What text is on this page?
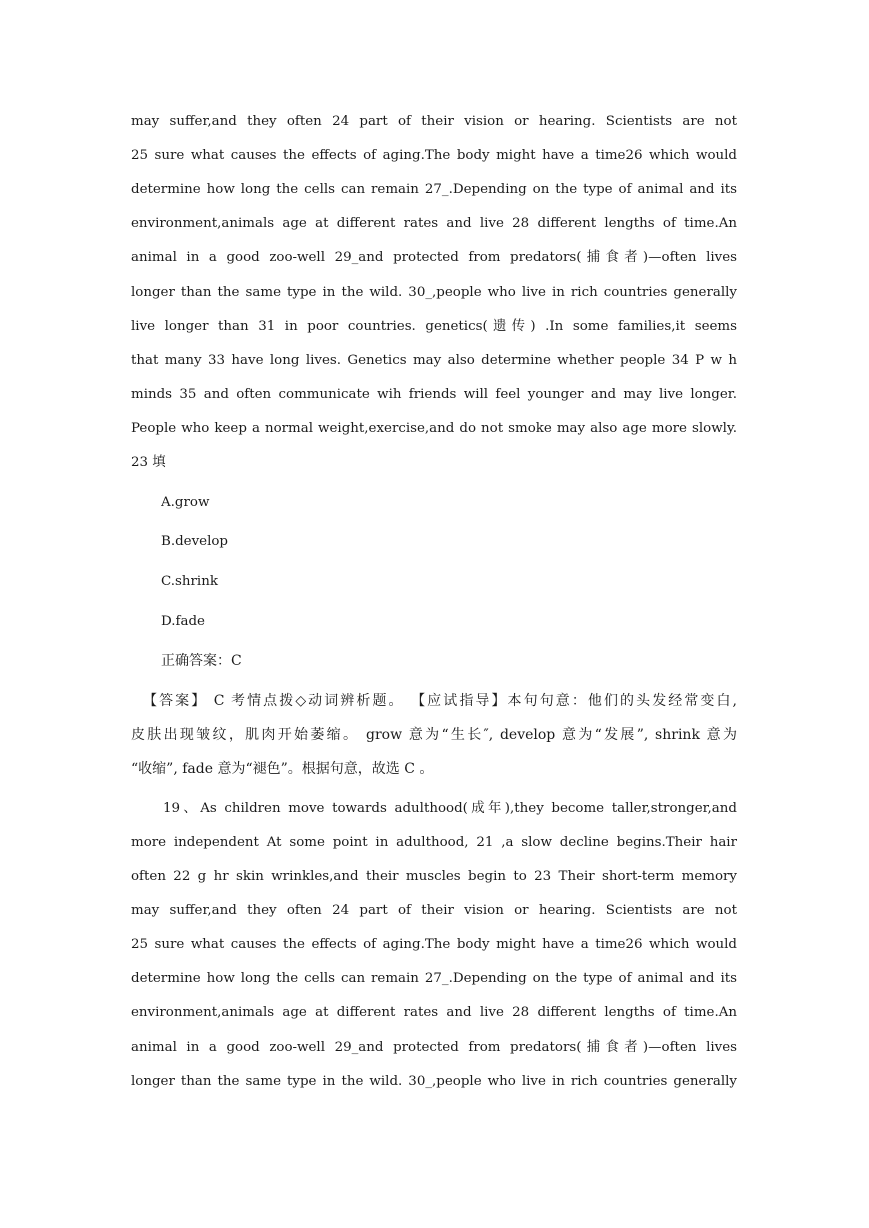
may suffer,and they often 24 part of their vision or hearing. Scientists are not
25 sure what causes the effects of aging.The body might have a time26 which would
determine how long the cells can remain 27_.Depending on the type of animal and its
environment,animals age at different rates and live 28 different lengths of time.An
animal in a good zoo-well 29_and protected from predators(捕食者)—often lives
longer than the same type in the wild. 30_,people who live in rich countries generally
live longer than 31 in poor countries. genetics(遗传) .In some families,it seems
that many 33 have long lives. Genetics may also determine whether people 34 P w h
minds 35 and often communicate wih friends will feel younger and may live longer.
People who keep a normal weight,exercise,and do not smoke may also age more slowly.
23 填
A.grow
B.develop
C.shrink
D.fade
正确答案：C
【答案】 C 考情点拨◇动词辨析题。 【应试指导】本句句意：他们的头发经常变白,
皮肤出现皱纹，肌肉开始萎缩。 grow 意为“生长″, develop 意为“发展”, shrink 意为
“收缩”, fade 意为“褪色”。根据句意，故选 C 。
19、As children move towards adulthood(成年),they become taller,stronger,and
more independent At some point in adulthood, 21 ,a slow decline begins.Their hair
often 22 g hr skin wrinkles,and their muscles begin to 23 Their short-term memory
may suffer,and they often 24 part of their vision or hearing. Scientists are not
25 sure what causes the effects of aging.The body might have a time26 which would
determine how long the cells can remain 27_.Depending on the type of animal and its
environment,animals age at different rates and live 28 different lengths of time.An
animal in a good zoo-well 29_and protected from predators(捕食者)—often lives
longer than the same type in the wild. 30_,people who live in rich countries generally
